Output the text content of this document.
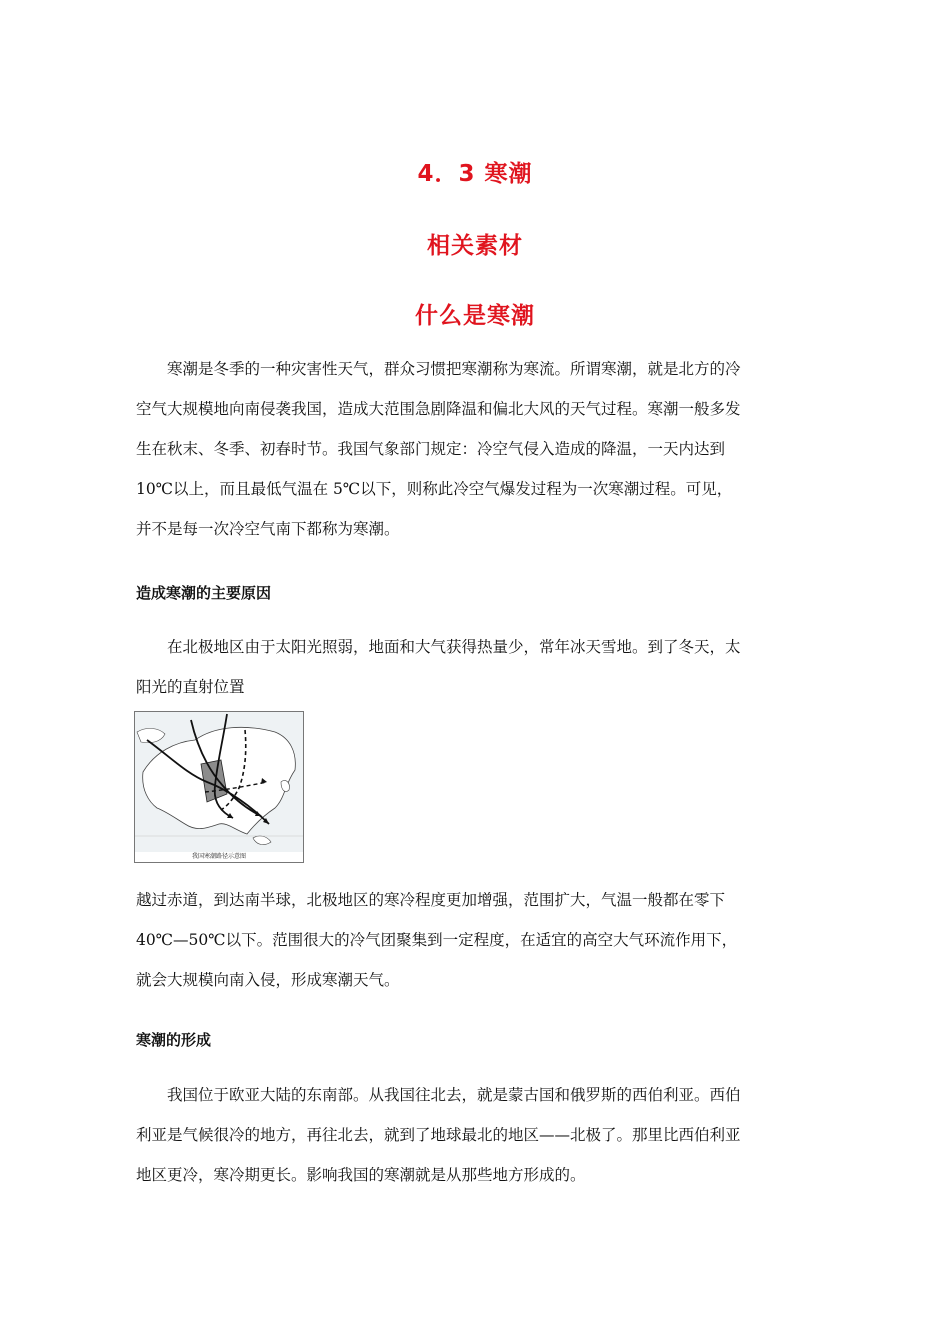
4．3 寒潮
相关素材
什么是寒潮
寒潮是冬季的一种灾害性天气，群众习惯把寒潮称为寒流。所谓寒潮，就是北方的冷
空气大规模地向南侵袭我国，造成大范围急剧降温和偏北大风的天气过程。寒潮一般多发
生在秋末、冬季、初春时节。我国气象部门规定：冷空气侵入造成的降温，一天内达到
10℃以上，而且最低气温在 5℃以下，则称此冷空气爆发过程为一次寒潮过程。可见，
并不是每一次冷空气南下都称为寒潮。
造成寒潮的主要原因
在北极地区由于太阳光照弱，地面和大气获得热量少，常年冰天雪地。到了冬天，太
阳光的直射位置
我国寒潮路径示意图
越过赤道，到达南半球，北极地区的寒冷程度更加增强，范围扩大，气温一般都在零下
40℃—50℃以下。范围很大的冷气团聚集到一定程度，在适宜的高空大气环流作用下，
就会大规模向南入侵，形成寒潮天气。
寒潮的形成
我国位于欧亚大陆的东南部。从我国往北去，就是蒙古国和俄罗斯的西伯利亚。西伯
利亚是气候很冷的地方，再往北去，就到了地球最北的地区——北极了。那里比西伯利亚
地区更冷，寒冷期更长。影响我国的寒潮就是从那些地方形成的。
